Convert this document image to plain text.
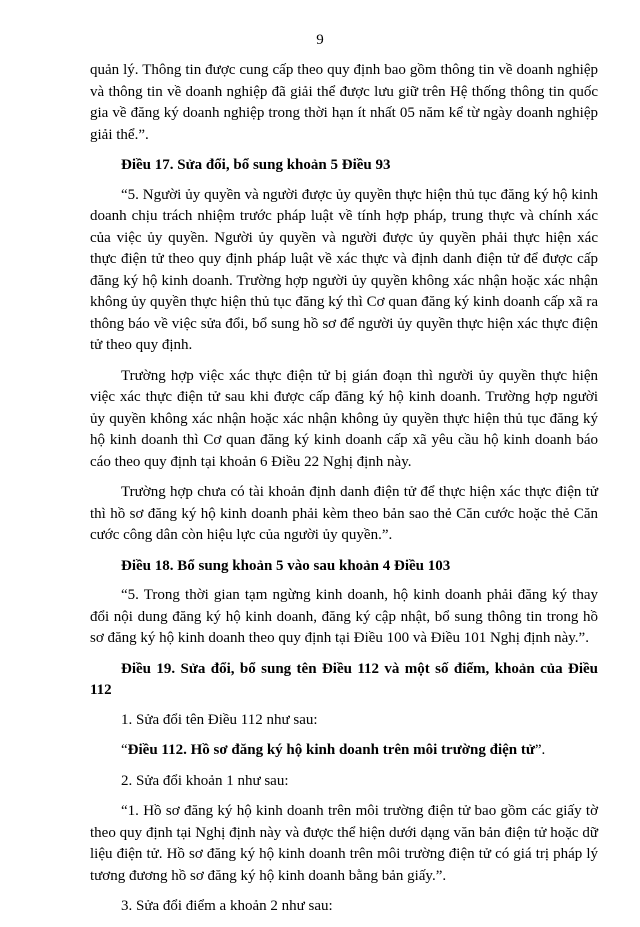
9

quản lý. Thông tin được cung cấp theo quy định bao gồm thông tin về doanh nghiệp và thông tin về doanh nghiệp đã giải thể được lưu giữ trên Hệ thống thông tin quốc gia về đăng ký doanh nghiệp trong thời hạn ít nhất 05 năm kể từ ngày doanh nghiệp giải thể.”.

Điều 17. Sửa đổi, bổ sung khoản 5 Điều 93

“5. Người ủy quyền và người được ủy quyền thực hiện thủ tục đăng ký hộ kinh doanh chịu trách nhiệm trước pháp luật về tính hợp pháp, trung thực và chính xác của việc ủy quyền. Người ủy quyền và người được ủy quyền phải thực hiện xác thực điện tử theo quy định pháp luật về xác thực và định danh điện tử để được cấp đăng ký hộ kinh doanh. Trường hợp người ủy quyền không xác nhận hoặc xác nhận không ủy quyền thực hiện thủ tục đăng ký thì Cơ quan đăng ký kinh doanh cấp xã ra thông báo về việc sửa đổi, bổ sung hồ sơ để người ủy quyền thực hiện xác thực điện tử theo quy định.

Trường hợp việc xác thực điện tử bị gián đoạn thì người ủy quyền thực hiện việc xác thực điện tử sau khi được cấp đăng ký hộ kinh doanh. Trường hợp người ủy quyền không xác nhận hoặc xác nhận không ủy quyền thực hiện thủ tục đăng ký hộ kinh doanh thì Cơ quan đăng ký kinh doanh cấp xã yêu cầu hộ kinh doanh báo cáo theo quy định tại khoản 6 Điều 22 Nghị định này.

Trường hợp chưa có tài khoản định danh điện tử để thực hiện xác thực điện tử thì hồ sơ đăng ký hộ kinh doanh phải kèm theo bản sao thẻ Căn cước hoặc thẻ Căn cước công dân còn hiệu lực của người ủy quyền.”.

Điều 18. Bổ sung khoản 5 vào sau khoản 4 Điều 103

“5. Trong thời gian tạm ngừng kinh doanh, hộ kinh doanh phải đăng ký thay đổi nội dung đăng ký hộ kinh doanh, đăng ký cập nhật, bổ sung thông tin trong hồ sơ đăng ký hộ kinh doanh theo quy định tại Điều 100 và Điều 101 Nghị định này.”.

Điều 19. Sửa đổi, bổ sung tên Điều 112 và một số điểm, khoản của Điều 112

1. Sửa đổi tên Điều 112 như sau:

“Điều 112. Hồ sơ đăng ký hộ kinh doanh trên môi trường điện tử”.

2. Sửa đổi khoản 1 như sau:

“1. Hồ sơ đăng ký hộ kinh doanh trên môi trường điện tử bao gồm các giấy tờ theo quy định tại Nghị định này và được thể hiện dưới dạng văn bản điện tử hoặc dữ liệu điện tử. Hồ sơ đăng ký hộ kinh doanh trên môi trường điện tử có giá trị pháp lý tương đương hồ sơ đăng ký hộ kinh doanh bằng bản giấy.”.

3. Sửa đổi điểm a khoản 2 như sau:
